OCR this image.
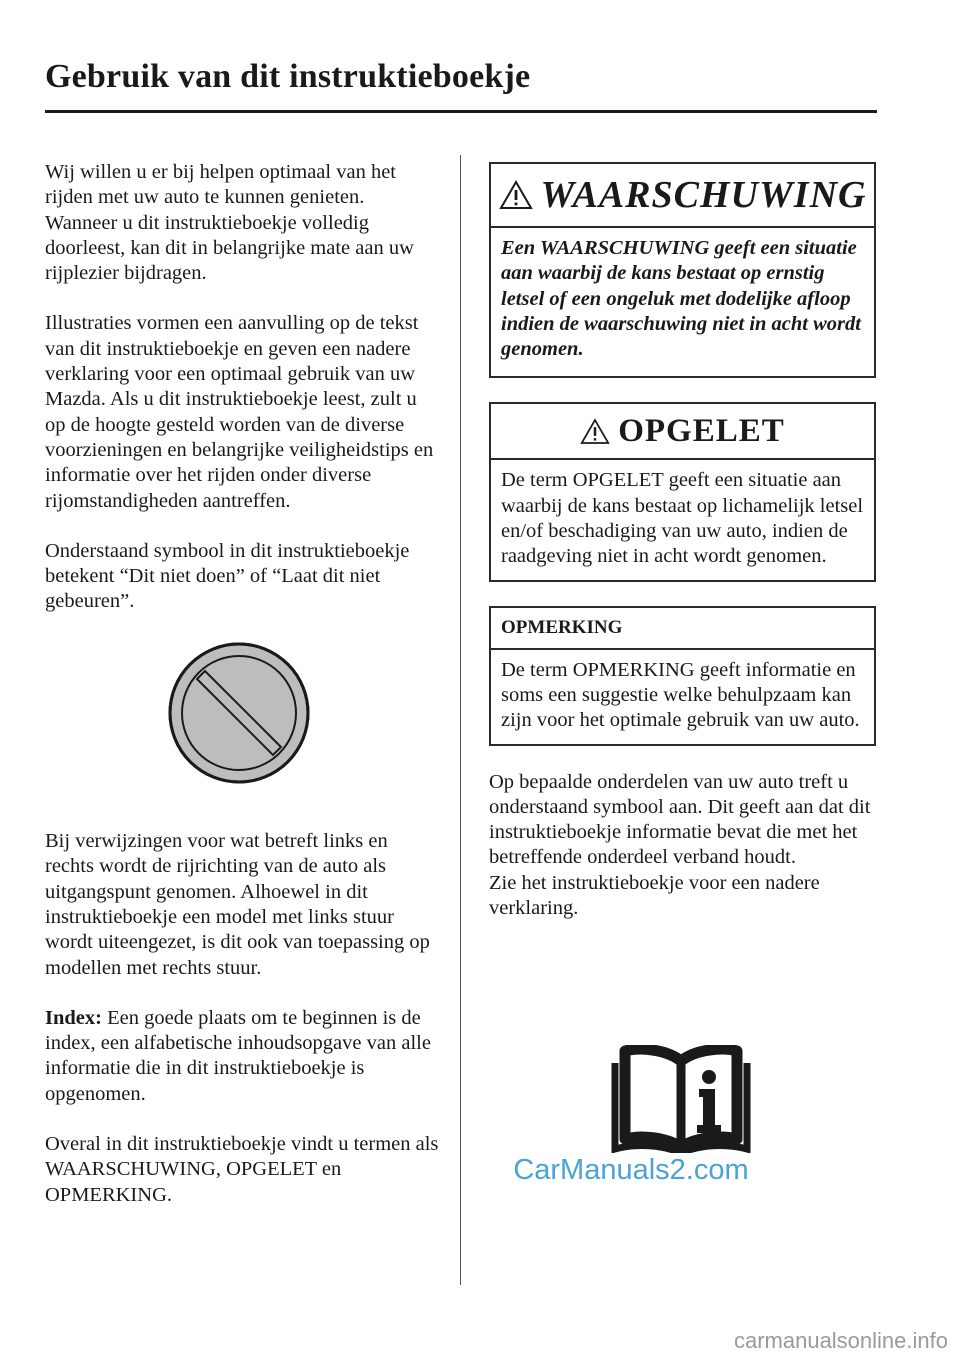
Gebruik van dit instruktieboekje

Wij willen u er bij helpen optimaal van het rijden met uw auto te kunnen genieten. Wanneer u dit instruktieboekje volledig doorleest, kan dit in belangrijke mate aan uw rijplezier bijdragen.

Illustraties vormen een aanvulling op de tekst van dit instruktieboekje en geven een nadere verklaring voor een optimaal gebruik van uw Mazda. Als u dit instruktieboekje leest, zult u op de hoogte gesteld worden van de diverse voorzieningen en belangrijke veiligheidstips en informatie over het rijden onder diverse rijomstandigheden aantreffen.

Onderstaand symbool in dit instruktieboekje betekent “Dit niet doen” of “Laat dit niet gebeuren”.

Bij verwijzingen voor wat betreft links en rechts wordt de rijrichting van de auto als uitgangspunt genomen. Alhoewel in dit instruktieboekje een model met links stuur wordt uiteengezet, is dit ook van toepassing op modellen met rechts stuur.

Index: Een goede plaats om te beginnen is de index, een alfabetische inhoudsopgave van alle informatie die in dit instruktieboekje is opgenomen.

Overal in dit instruktieboekje vindt u termen als WAARSCHUWING, OPGELET en OPMERKING.

WAARSCHUWING
Een WAARSCHUWING geeft een situatie aan waarbij de kans bestaat op ernstig letsel of een ongeluk met dodelijke afloop indien de waarschuwing niet in acht wordt genomen.
OPGELET
De term OPGELET geeft een situatie aan waarbij de kans bestaat op lichamelijk letsel en/of beschadiging van uw auto, indien de raadgeving niet in acht wordt genomen.
OPMERKING
De term OPMERKING geeft informatie en soms een suggestie welke behulpzaam kan zijn voor het optimale gebruik van uw auto.

Op bepaalde onderdelen van uw auto treft u onderstaand symbool aan. Dit geeft aan dat dit instruktieboekje informatie bevat die met het betreffende onderdeel verband houdt.

Zie het instruktieboekje voor een nadere verklaring.

CarManuals2.com
carmanualsonline.info
